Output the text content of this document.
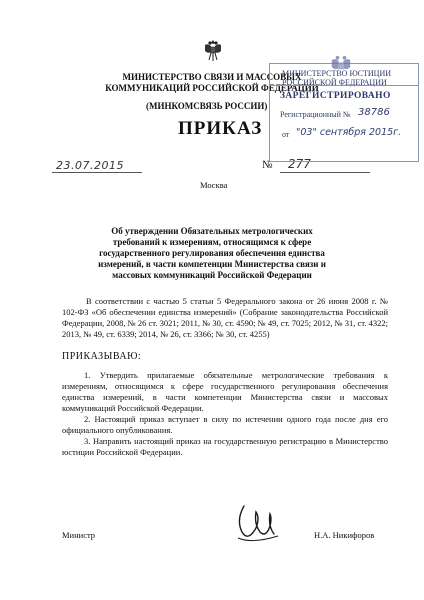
МИНИСТЕРСТВО СВЯЗИ И МАССОВЫХ КОММУНИКАЦИЙ РОССИЙСКОЙ ФЕДЕРАЦИИ
(МИНКОМСВЯЗЬ РОССИИ)
ПРИКАЗ
23.07.2015	№ 277
Москва
МИНИСТЕРСТВО ЮСТИЦИИ РОССИЙСКОЙ ФЕДЕРАЦИИ
ЗАРЕГИСТРИРОВАНО
Регистрационный № 38786
от "03" сентября 2015г.
Об утверждении Обязательных метрологических требований к измерениям, относящимся к сфере государственного регулирования обеспечения единства измерений, в части компетенции Министерства связи и массовых коммуникаций Российской Федерации
В соответствии с частью 5 статьи 5 Федерального закона от 26 июня 2008 г. № 102-ФЗ «Об обеспечении единства измерений» (Собрание законодательства Российской Федерации, 2008, № 26 ст. 3021; 2011, № 30, ст. 4590; № 49, ст. 7025; 2012, № 31, ст. 4322; 2013, № 49, ст. 6339; 2014, № 26, ст. 3366; № 30, ст. 4255)
ПРИКАЗЫВАЮ:
1. Утвердить прилагаемые обязательные метрологические требования к измерениям, относящимся к сфере государственного регулирования обеспечения единства измерений, в части компетенции Министерства связи и массовых коммуникаций Российской Федерации.
2. Настоящий приказ вступает в силу по истечении одного года после дня его официального опубликования.
3. Направить настоящий приказ на государственную регистрацию в Министерство юстиции Российской Федерации.
Министр	Н.А. Никифоров
